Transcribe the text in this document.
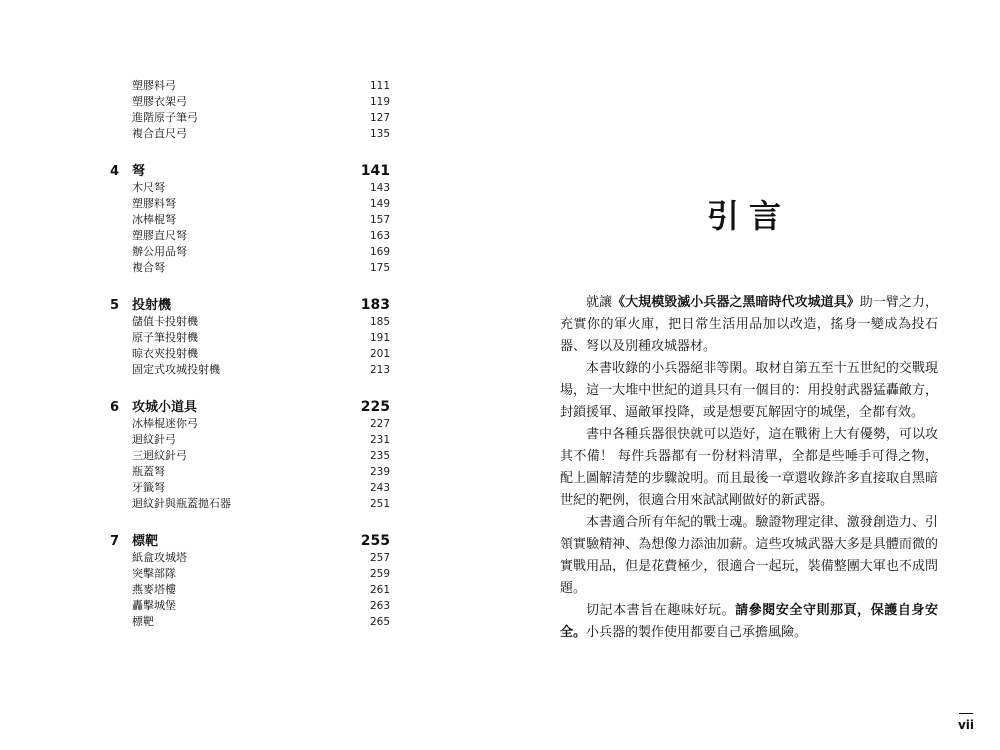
塑膠料弓	111
塑膠衣架弓	119
進階原子筆弓	127
複合直尺弓	135
4 弩	141
木尺弩	143
塑膠料弩	149
冰棒棍弩	157
塑膠直尺弩	163
辦公用品弩	169
複合弩	175
5 投射機	183
儲值卡投射機	185
原子筆投射機	191
晾衣夾投射機	201
固定式攻城投射機	213
6 攻城小道具	225
冰棒棍迷你弓	227
迴紋針弓	231
三迴紋針弓	235
瓶蓋弩	239
牙籤弩	243
迴紋針與瓶蓋拋石器	251
7 標靶	255
紙盒攻城塔	257
突擊部隊	259
燕麥塔樓	261
轟擊城堡	263
標靶	265
引言

就讓《大規模毀滅小兵器之黑暗時代攻城道具》助一臂之力，充實你的軍火庫，把日常生活用品加以改造，搖身一變成為投石器、弩以及別種攻城器材。

本書收錄的小兵器絕非等閑。取材自第五至十五世紀的交戰現場，這一大堆中世紀的道具只有一個目的：用投射武器猛轟敵方，封鎖援軍、逼敵軍投降，或是想要瓦解固守的城堡，全都有效。

書中各種兵器很快就可以造好，這在戰術上大有優勢，可以攻其不備！ 每件兵器都有一份材料清單，全都是些唾手可得之物，配上圖解清楚的步驟說明。而且最後一章還收錄許多直接取自黑暗世紀的靶例，很適合用來試試剛做好的新武器。

本書適合所有年紀的戰士魂。驗證物理定律、激發創造力、引領實驗精神、為想像力添油加薪。這些攻城武器大多是具體而微的實戰用品，但是花費極少，很適合一起玩，裝備整團大軍也不成問題。

切記本書旨在趣味好玩。請參閱安全守則那頁，保護自身安全。小兵器的製作使用都要自己承擔風險。

vii
